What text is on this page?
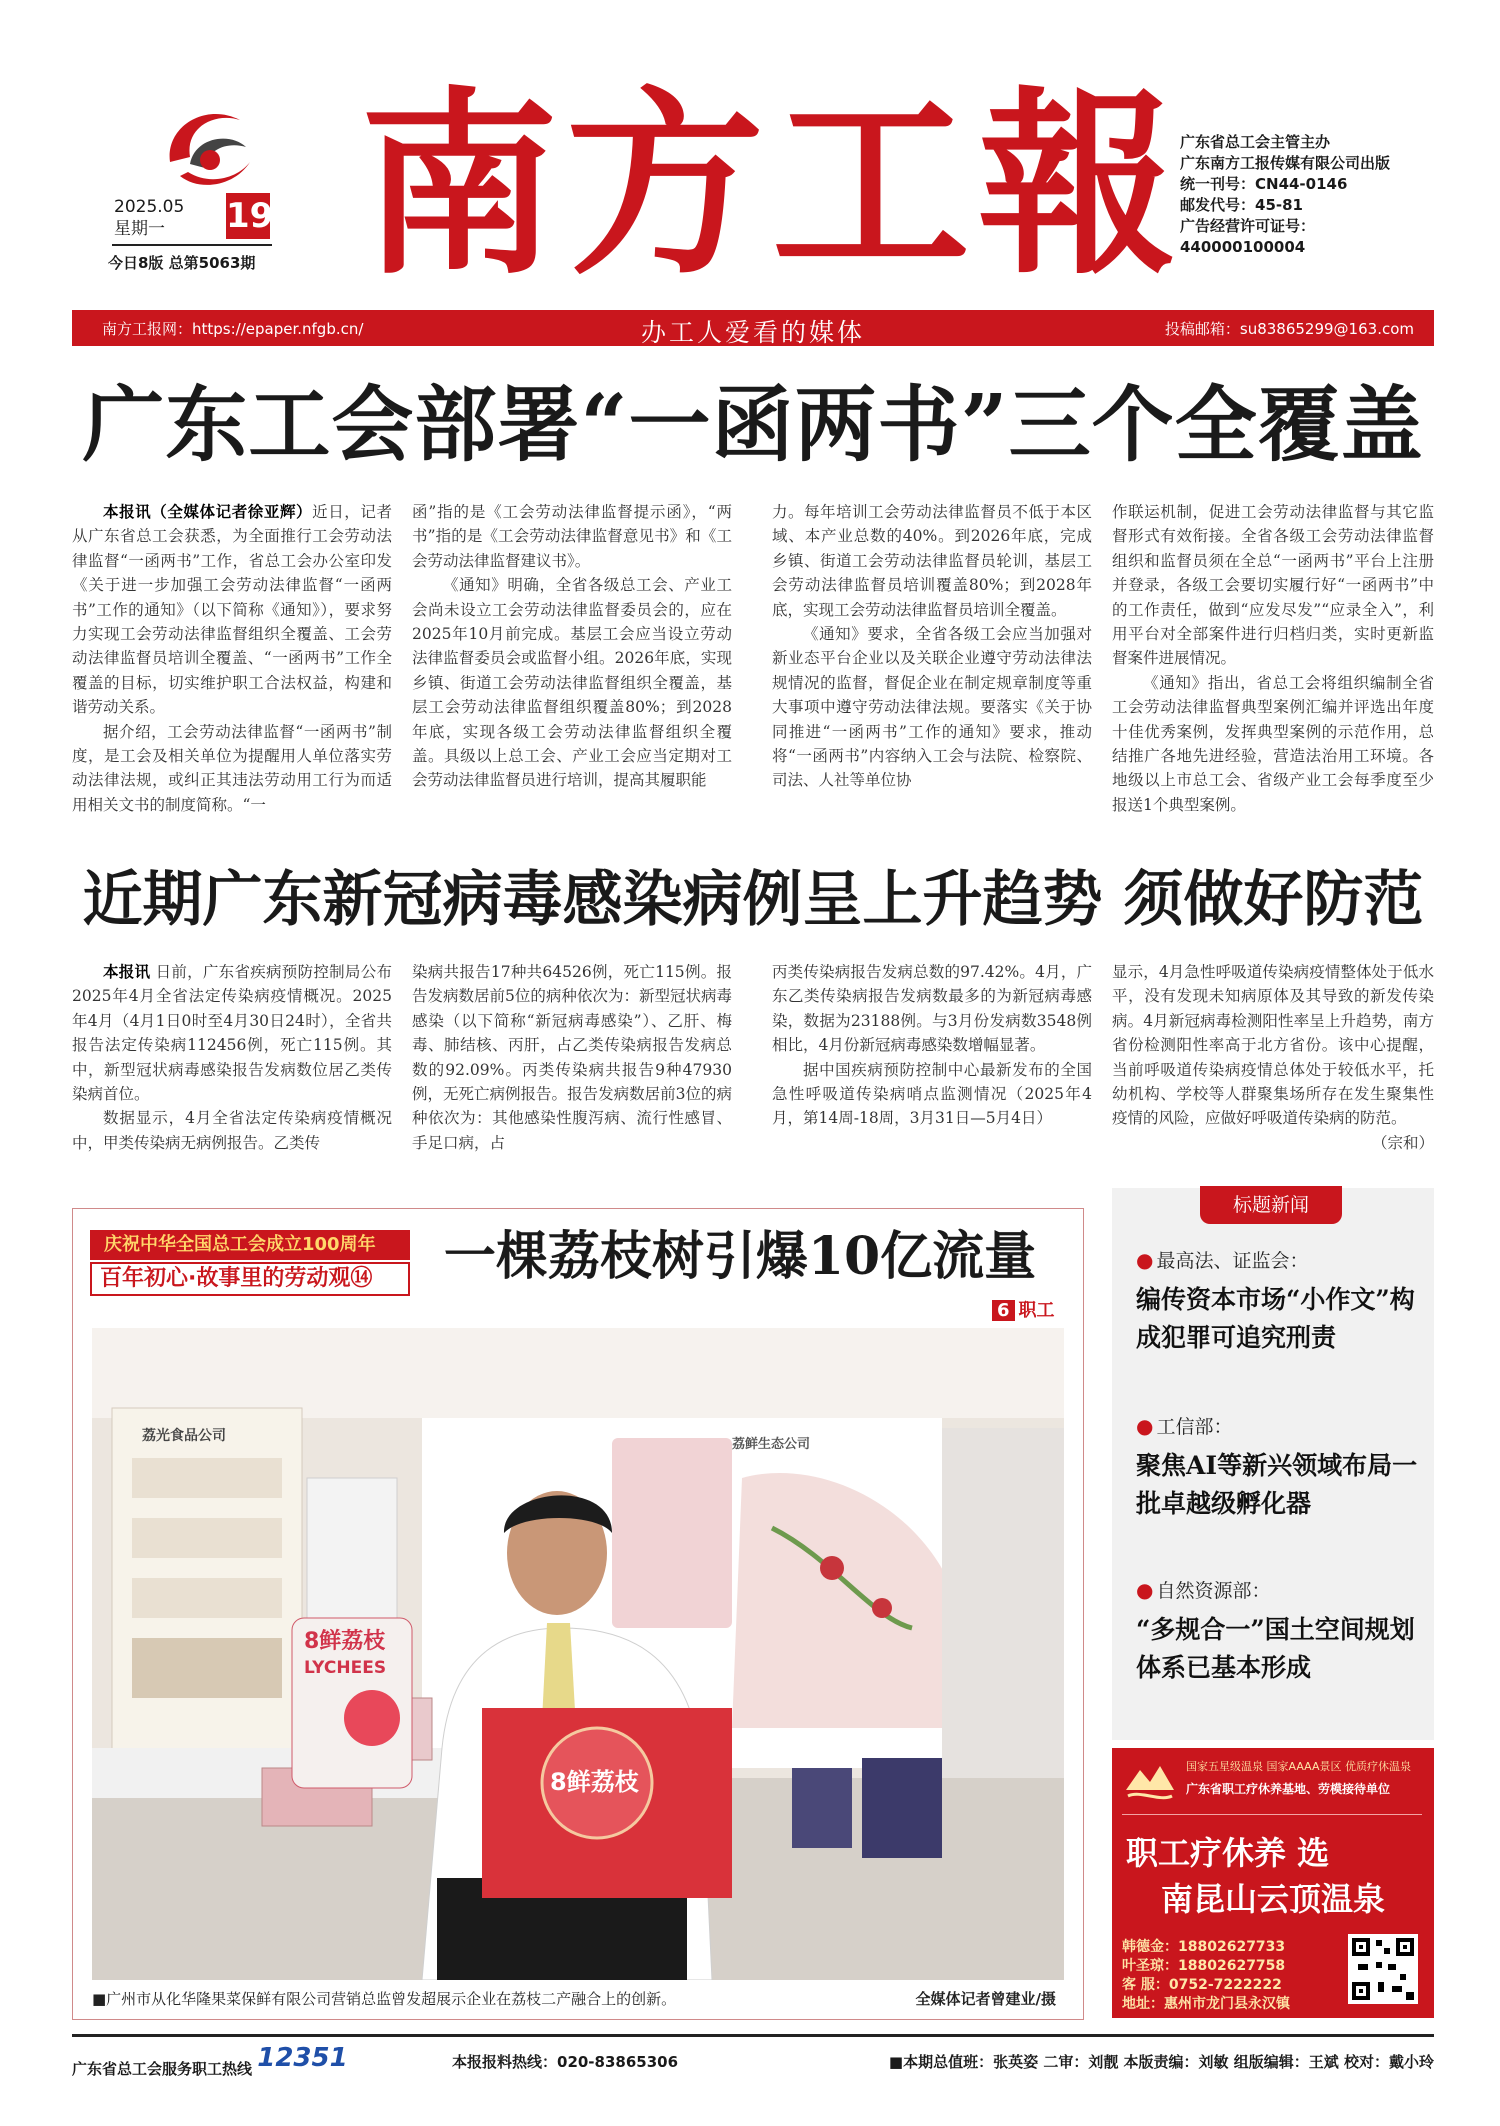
2025.05
星期一	19
今日8版 总第5063期 南方工報
广东省总工会主管主办
广东南方工报传媒有限公司出版
统一刊号：CN44-0146
邮发代号：45-81
广告经营许可证号：
440000100004
南方工报网：https://epaper.nfgb.cn/	办工人爱看的媒体	投稿邮箱：su83865299@163.com
广东工会部署“一函两书”三个全覆盖

本报讯（全媒体记者徐亚辉）近日，记者从广东省总工会获悉，为全面推行工会劳动法律监督“一函两书”工作，省总工会办公室印发《关于进一步加强工会劳动法律监督“一函两书”工作的通知》（以下简称《通知》），要求努力实现工会劳动法律监督组织全覆盖、工会劳动法律监督员培训全覆盖、“一函两书”工作全覆盖的目标，切实维护职工合法权益，构建和谐劳动关系。

据介绍，工会劳动法律监督“一函两书”制度，是工会及相关单位为提醒用人单位落实劳动法律法规，或纠正其违法劳动用工行为而适用相关文书的制度简称。“一

函”指的是《工会劳动法律监督提示函》，“两书”指的是《工会劳动法律监督意见书》和《工会劳动法律监督建议书》。

《通知》明确，全省各级总工会、产业工会尚未设立工会劳动法律监督委员会的，应在2025年10月前完成。基层工会应当设立劳动法律监督委员会或监督小组。2026年底，实现乡镇、街道工会劳动法律监督组织全覆盖，基层工会劳动法律监督组织覆盖80%；到2028年底，实现各级工会劳动法律监督组织全覆盖。具级以上总工会、产业工会应当定期对工会劳动法律监督员进行培训，提高其履职能

力。每年培训工会劳动法律监督员不低于本区域、本产业总数的40%。到2026年底，完成乡镇、街道工会劳动法律监督员轮训，基层工会劳动法律监督员培训覆盖80%；到2028年底，实现工会劳动法律监督员培训全覆盖。

《通知》要求，全省各级工会应当加强对新业态平台企业以及关联企业遵守劳动法律法规情况的监督，督促企业在制定规章制度等重大事项中遵守劳动法律法规。要落实《关于协同推进“一函两书”工作的通知》要求，推动将“一函两书”内容纳入工会与法院、检察院、司法、人社等单位协

作联运机制，促进工会劳动法律监督与其它监督形式有效衔接。全省各级工会劳动法律监督组织和监督员须在全总“一函两书”平台上注册并登录，各级工会要切实履行好“一函两书”中的工作责任，做到“应发尽发”“应录全入”，利用平台对全部案件进行归档归类，实时更新监督案件进展情况。

《通知》指出，省总工会将组织编制全省工会劳动法律监督典型案例汇编并评选出年度十佳优秀案例，发挥典型案例的示范作用，总结推广各地先进经验，营造法治用工环境。各地级以上市总工会、省级产业工会每季度至少报送1个典型案例。

近期广东新冠病毒感染病例呈上升趋势 须做好防范

本报讯 日前，广东省疾病预防控制局公布2025年4月全省法定传染病疫情概况。2025年4月（4月1日0时至4月30日24时），全省共报告法定传染病112456例，死亡115例。其中，新型冠状病毒感染报告发病数位居乙类传染病首位。

数据显示，4月全省法定传染病疫情概况中，甲类传染病无病例报告。乙类传

染病共报告17种共64526例，死亡115例。报告发病数居前5位的病种依次为：新型冠状病毒感染（以下简称“新冠病毒感染”）、乙肝、梅毒、肺结核、丙肝，占乙类传染病报告发病总数的92.09%。丙类传染病共报告9种47930例，无死亡病例报告。报告发病数居前3位的病种依次为：其他感染性腹泻病、流行性感冒、手足口病，占

丙类传染病报告发病总数的97.42%。4月，广东乙类传染病报告发病数最多的为新冠病毒感染，数据为23188例。与3月份发病数3548例相比，4月份新冠病毒感染数增幅显著。

据中国疾病预防控制中心最新发布的全国急性呼吸道传染病哨点监测情况（2025年4月，第14周-18周，3月31日—5月4日）

显示，4月急性呼吸道传染病疫情整体处于低水平，没有发现未知病原体及其导致的新发传染病。4月新冠病毒检测阳性率呈上升趋势，南方省份检测阳性率高于北方省份。该中心提醒，当前呼吸道传染病疫情总体处于较低水平，托幼机构、学校等人群聚集场所存在发生聚集性疫情的风险，应做好呼吸道传染病的防范。

（宗和）
庆祝中华全国总工会成立100周年
百年初心·故事里的劳动观⑭	一棵荔枝树引爆10亿流量
6 职工
荔光食品公司
荔鲜生态公司
8鲜荔枝
LYCHEES
8鲜荔枝
■广州市从化华隆果菜保鲜有限公司营销总监曾发超展示企业在荔枝二产融合上的创新。	全媒体记者曾建业/摄
标题新闻
● 最高法、证监会：
编传资本市场“小作文”构成犯罪可追究刑责
● 工信部：
聚焦AI等新兴领域布局一批卓越级孵化器
● 自然资源部：
“多规合一”国土空间规划体系已基本形成
国家五星级温泉 国家AAAA景区 优质疗休温泉
广东省职工疗休养基地、劳模接待单位
职工疗休养 选
南昆山云顶温泉
韩德金：18802627733
叶圣琼：18802627758
客 服：0752-7222222
地址：惠州市龙门县永汉镇
广东省总工会服务职工热线 12351	本报报料热线：020-83865306	■本期总值班：张英姿 二审：刘靓 本版责编：刘敏 组版编辑：王斌 校对：戴小玲
